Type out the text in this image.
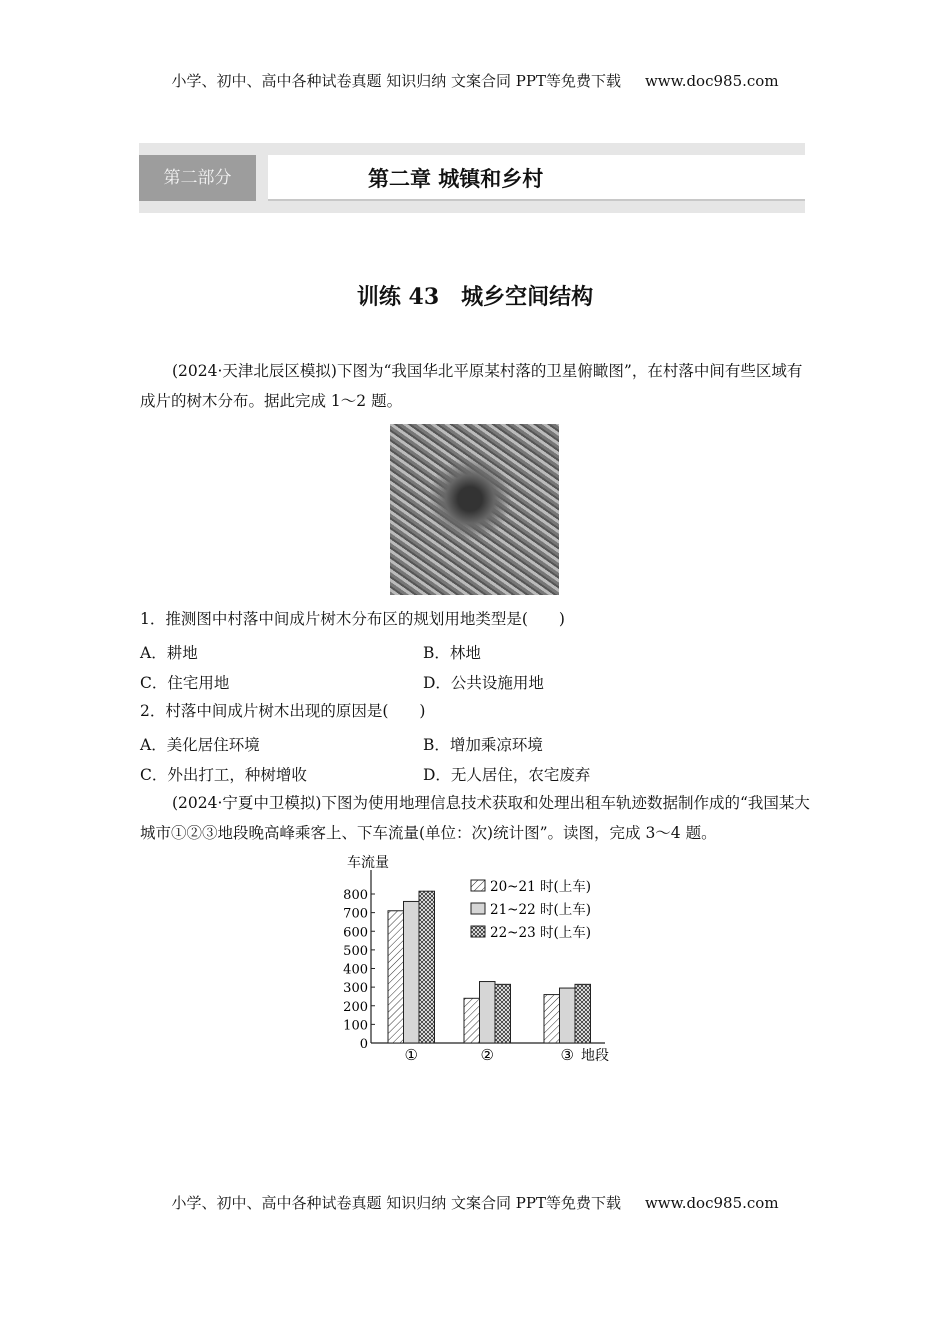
小学、初中、高中各种试卷真题 知识归纳 文案合同 PPT等免费下载 www.doc985.com
第二部分	第二章 城镇和乡村
训练 43　城乡空间结构
(2024·天津北辰区模拟)下图为“我国华北平原某村落的卫星俯瞰图”，在村落中间有些区域有成片的树木分布。据此完成 1～2 题。
1．推测图中村落中间成片树木分布区的规划用地类型是(　　)
A．耕地	B．林地
C．住宅用地	D．公共设施用地
2．村落中间成片树木出现的原因是(　　)
A．美化居住环境	B．增加乘凉环境
C．外出打工，种树增收	D．无人居住，农宅废弃
(2024·宁夏中卫模拟)下图为使用地理信息技术获取和处理出租车轨迹数据制作成的“我国某大城市①②③地段晚高峰乘客上、下车流量(单位：次)统计图”。读图，完成 3～4 题。
车流量
0
100
200
300
400
500
600
700
800
①	②	③ 地段
20~21 时(上车)
21~22 时(上车)
22~23 时(上车)
小学、初中、高中各种试卷真题 知识归纳 文案合同 PPT等免费下载 www.doc985.com
